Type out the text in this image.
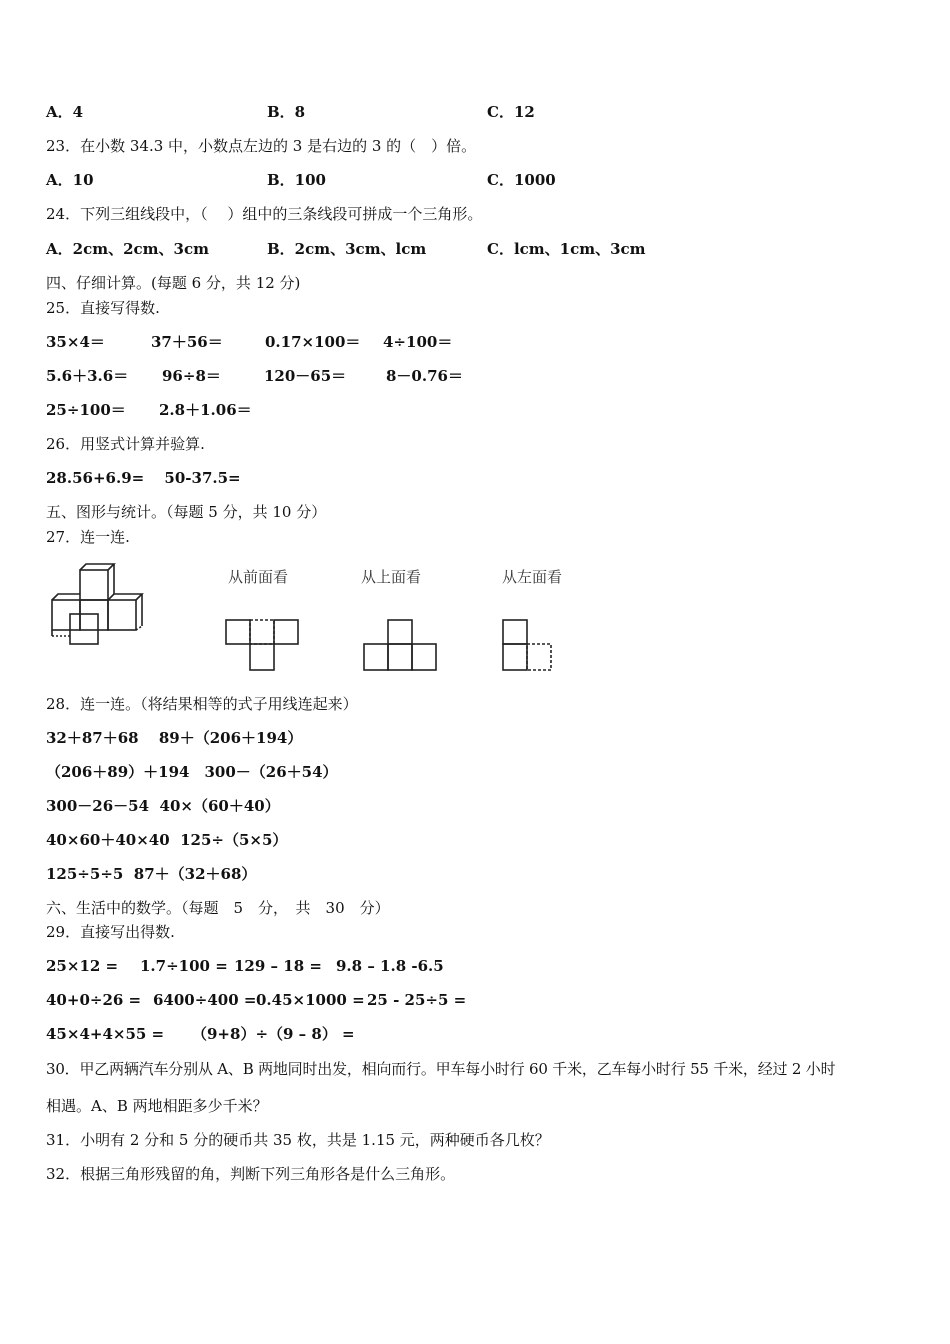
A．4	B．8	C．12
23．在小数 34.3 中，小数点左边的 3 是右边的 3 的（　）倍。
A．10	B．100	C．1000
24．下列三组线段中，（　 ）组中的三条线段可拼成一个三角形。
A．2cm、2cm、3cm	B．2cm、3cm、lcm	C．lcm、1cm、3cm
四、仔细计算。(每题 6 分，共 12 分)
25．直接写得数.
35×4＝	37＋56＝	0.17×100＝ 4÷100＝
5.6＋3.6＝ 96÷8＝	120－65＝	8－0.76＝
25÷100＝ 2.8＋1.06＝
26．用竖式计算并验算.
28.56+6.9=　 50-37.5=
五、图形与统计。（每题 5 分，共 10 分）
27．连一连.
从前面看	从上面看	从左面看
28．连一连。（将结果相等的式子用线连起来）
32＋87＋68　 89＋（206＋194）
（206＋89）＋194　300－（26＋54）
300－26－54  40×（60＋40）
40×60＋40×40  125÷（5×5）
125÷5÷5  87＋（32＋68）
六、生活中的数学。（每题　5　分，　共　30　分）
29．直接写出得数.
25×12 = 1.7÷100 = 129 – 18 = 9.8 – 1.8 -6.5
40+0÷26 = 6400÷400 = 0.45×1000 = 25 - 25÷5 =
45×4+4×55 = （9+8）÷（9 – 8） =
30．甲乙两辆汽车分别从 A、B 两地同时出发，相向而行。甲车每小时行 60 千米，乙车每小时行 55 千米，经过 2 小时
相遇。A、B 两地相距多少千米？
31．小明有 2 分和 5 分的硬币共 35 枚，共是 1.15 元，两种硬币各几枚？
32．根据三角形残留的角，判断下列三角形各是什么三角形。
